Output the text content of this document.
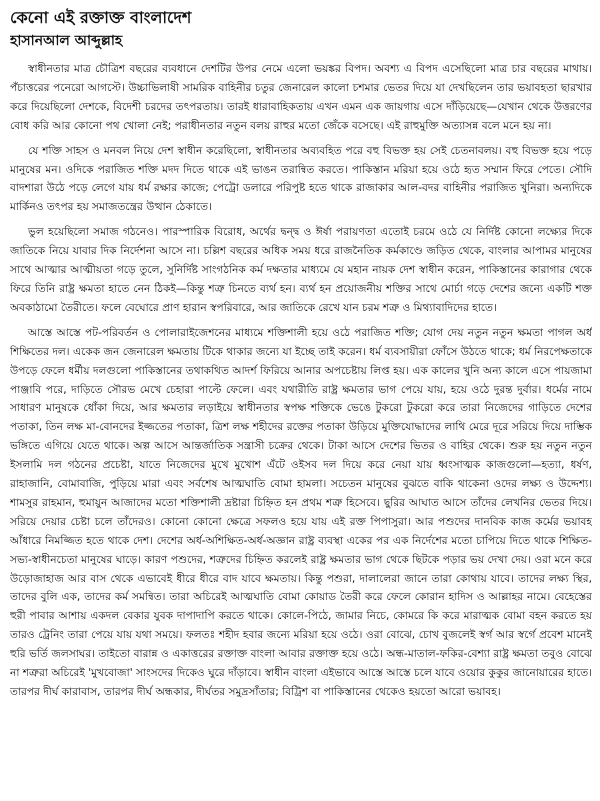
কেনো এই রক্তাক্ত বাংলাদেশ
হাসানআল আব্দুল্লাহ

স্বাধীনতার মাত্র চৌত্রিশ বছরের ব্যবধানে দেশটির উপর নেমে এলো ভয়ঙ্কর বিপদ। অবশ্য এ বিপদ এসেছিলো মাত্র চার বছরের মাথায়। পঁচাত্তরের পনেরো আগস্টে। উচ্চাভিলাষী সামরিক বাহিনীর চতুর জেনারেল কালো চশমার ভেতর দিয়ে যা দেখছিলেন তার ভয়াবহতা ছারখার করে দিয়েছিলো দেশকে, বিদেশী চরদের তৎপরতায়। তারই ধারাবাহিকতায় এখন এমন এক জায়গায় এসে দাঁড়িয়েছে—যেখান থেকে উত্তরণের বোধ করি আর কোনো পথ খোলা নেই; পরাধীনতার নতুন বলয় রাহুর মতো জেঁকে বসেছে। এই রাহুমুক্তি অত্যাসন্ন বলে মনে হয় না।

যে শক্তি সাহস ও মনবল নিয়ে দেশ স্বাধীন করেছিলো, স্বাধীনতার অব্যবহিত পরে বহু বিভক্ত হয় সেই চেতনাবলয়। বহু বিভক্ত হয়ে পড়ে মানুষের মন। ওদিকে পরাজিত শক্তি মদদ দিতে থাকে এই ভাঙন তরান্বিত করতে। পাকিস্তান মরিয়া হয়ে ওঠে হৃত সম্মান ফিরে পেতে। সৌদি বাদশারা উঠে পড়ে লেগে যায় ধর্ম রক্ষার কাজে; পেট্রো ডলারে পরিপুষ্ট হতে থাকে রাজাকার আল-বদর বাহিনীর পরাজিত খুনিরা। অন্যদিকে মার্কিনও তৎপর হয় সমাজতন্ত্রের উত্থান ঠেকাতে।

ভুল হয়েছিলো সমাজ গঠনেও। পারস্পারিক বিরোধ, অর্থের দ্বন্দ্ব ও ঈর্ষা পরায়ণতা এতোই চরমে ওঠে যে নির্দিষ্ট কোনো লক্ষ্যের দিকে জাতিকে নিয়ে যাবার দিক নির্দেশনা আসে না। চল্লিশ বছরের অধিক সময় ধরে রাজনৈতিক কর্মকাণ্ডে জড়িত থেকে, বাংলার আপামর মানুষের সাথে আত্মার আত্মীয়তা গড়ে তুলে, সুনির্দিষ্ট সাংগঠনিক কর্ম দক্ষতার মাধ্যমে যে মহান নায়ক দেশ স্বাধীন করেন, পাকিস্তানের কারাগার থেকে ফিরে তিনি রাষ্ট্র ক্ষমতা হাতে নেন ঠিকই—কিন্তু শত্রু চিনতে ব্যর্থ হন। ব্যর্থ হন প্রয়োজনীয় শক্তির সাথে মোর্চা গড়ে দেশের জন্যে একটি শক্ত অবকাঠামো তৈরীতে। ফলে বেঘোরে প্রাণ হারান স্বপরিবারে, আর জাতিকে রেখে যান চরম শত্রু ও মিথ্যাবাদিদের হাতে।

আস্তে আস্তে পট-পরিবর্তন ও পোলারাইজেশনের মাধ্যমে শক্তিশালী হয়ে ওঠে পরাজিত শক্তি; যোগ দেয় নতুন নতুন ক্ষমতা পাগল অর্ধ শিক্ষিতের দল। একেক জন জেনারেল ক্ষমতায় টিকে থাকার জন্যে যা ইচ্ছে তাই করেন। ধর্ম ব্যবসায়ীরা ফোঁসে উঠতে থাকে; ধর্ম নিরপেক্ষতাকে উপড়ে ফেলে ধর্মীয় দলগুলো পাকিস্তানের তথাকথিত আদর্শ ফিরিয়ে আনার অপচেষ্টায় লিপ্ত হয়। এক কালের খুনি অন্য কালে এসে পায়জামা পাঞ্জাবি পরে, দাড়িতে সৌরভ মেখে চেহারা পাল্টে ফেলে। এবং যথারীতি রাষ্ট্র ক্ষমতার ভাগ পেয়ে যায়, হয়ে ওঠে দুরন্ত দুর্বার। ধর্মের নামে সাধারণ মানুষকে ধোঁকা দিয়ে, আর ক্ষমতার লড়াইয়ে স্বাধীনতার স্বপক্ষ শক্তিকে ভেঙে টুকরো টুকরো করে তারা নিজেদের গাড়িতে দেশের পতাকা, তিন লক্ষ মা-বোনদের ইজ্জতের পতাকা, ত্রিশ লক্ষ শহীদের রক্তের পতাকা উড়িয়ে মুক্তিযোদ্ধাদের লাথি মেরে দূরে সরিয়ে দিয়ে দাম্ভিক ভঙ্গিতে এগিয়ে যেতে থাকে। অল্প আসে আন্তর্জাতিক সন্ত্রাসী চক্রের থেকে। টাকা আসে দেশের ভিতর ও বাহির থেকে। শুরু হয় নতুন নতুন ইসলামি দল গঠনের প্রচেষ্টা, যাতে নিজেদের মুখে মুখোশ এঁটে ওইসব দল দিয়ে করে নেয়া যায় ধ্বংসাত্মক কাজগুলো—হত্যা, ধর্ষণ, রাহাজানি, বোমাবাজি, পুড়িয়ে মারা এবং সর্বশেষ আত্মঘাতি বোমা হামলা। সচেতন মানুষের বুঝতে বাকি থাকেনা ওদের লক্ষ্য ও উদ্দেশ্য। শামসুর রাহমান, হুমায়ুন আজাদের মতো শক্তিশালী দ্রষ্টারা চিহ্নিত হন প্রথম শত্রু হিসেবে। ছুরির আঘাত আসে তাঁদের লেখনির ভেতর দিয়ে। সরিয়ে দেয়ার চেষ্টা চলে তাঁদেরও। কোনো কোনো ক্ষেত্রে সফলও হয়ে যায় এই রক্ত পিপাসুরা। আর পশুদের দানবিক কাজ কর্মের ভয়াবহ আঁধারে নিমজ্জিত হতে থাকে দেশ। দেশের অর্ধ-অশিক্ষিত-অর্ধ-অজ্ঞান রাষ্ট্র ব্যবস্থা একের পর এক নির্দেশের মতো চাপিয়ে দিতে থাকে শিক্ষিত-সভ্য-স্বাধীনচেতা মানুষের ঘাড়ে। কারণ পশুদের, শত্রুদের চিহ্নিত করলেই রাষ্ট্র ক্ষমতার ভাগ থেকে ছিটকে পড়ার ভয় দেখা দেয়। ওরা মনে করে উড়োজাহাজ আর বাস থেকে এভাবেই ধীরে ধীরে বাদ যাবে ক্ষমতায়। কিন্তু পশুরা, দালালেরা জানে তারা কোথায় যাবে। তাদের লক্ষ্য স্থির, তাদের বুলি এক, তাদের কর্ম সমন্বিত। তারা অচিরেই আত্মঘাতি বোমা কোয়াড তৈরী করে ফেলে কোরান হাদিস ও আল্লাহর নামে। বেহেস্তের হুরী পাবার আশায় একদল বেকার যুবক দাপাদাপি করতে থাকে। কোলে-পিঠে, জামার নিচে, কোমরে কি করে মারাত্মক বোমা বহন করতে হয় তারও ট্রেনিং তারা পেয়ে যায় যথা সময়ে। ফলতঃ শহীদ হবার জন্যে মরিয়া হয়ে ওঠে। ওরা বোঝে, চোখ বুজলেই স্বর্গ আর স্বর্গে প্রবেশ মানেই হুরি ভর্তি জলসাঘর। তাইতো বারান্ন ও একাত্তরের রক্তাক্ত বাংলা আবার রক্তাক্ত হয়ে ওঠে। অন্ধ-মাতাল-ফকির-বেশ্যা রাষ্ট্র ক্ষমতা তবুও বোঝে না শত্রুরা অচিরেই 'মুখবোজা' সাংসদের দিকেও ঘুরে দাঁড়াবে। স্বাধীন বাংলা এইভাবে আস্তে আস্তে চলে যাবে ওয়োর কুকুর জানোয়ারের হাতে। তারপর দীর্ঘ কারাবাস, তারপর দীর্ঘ অন্ধকার, দীর্ঘতর সমুদ্রসাঁতার; বিট্রিশ বা পাকিস্তানের থেকেও হয়তো আরো ভয়াবহ।
